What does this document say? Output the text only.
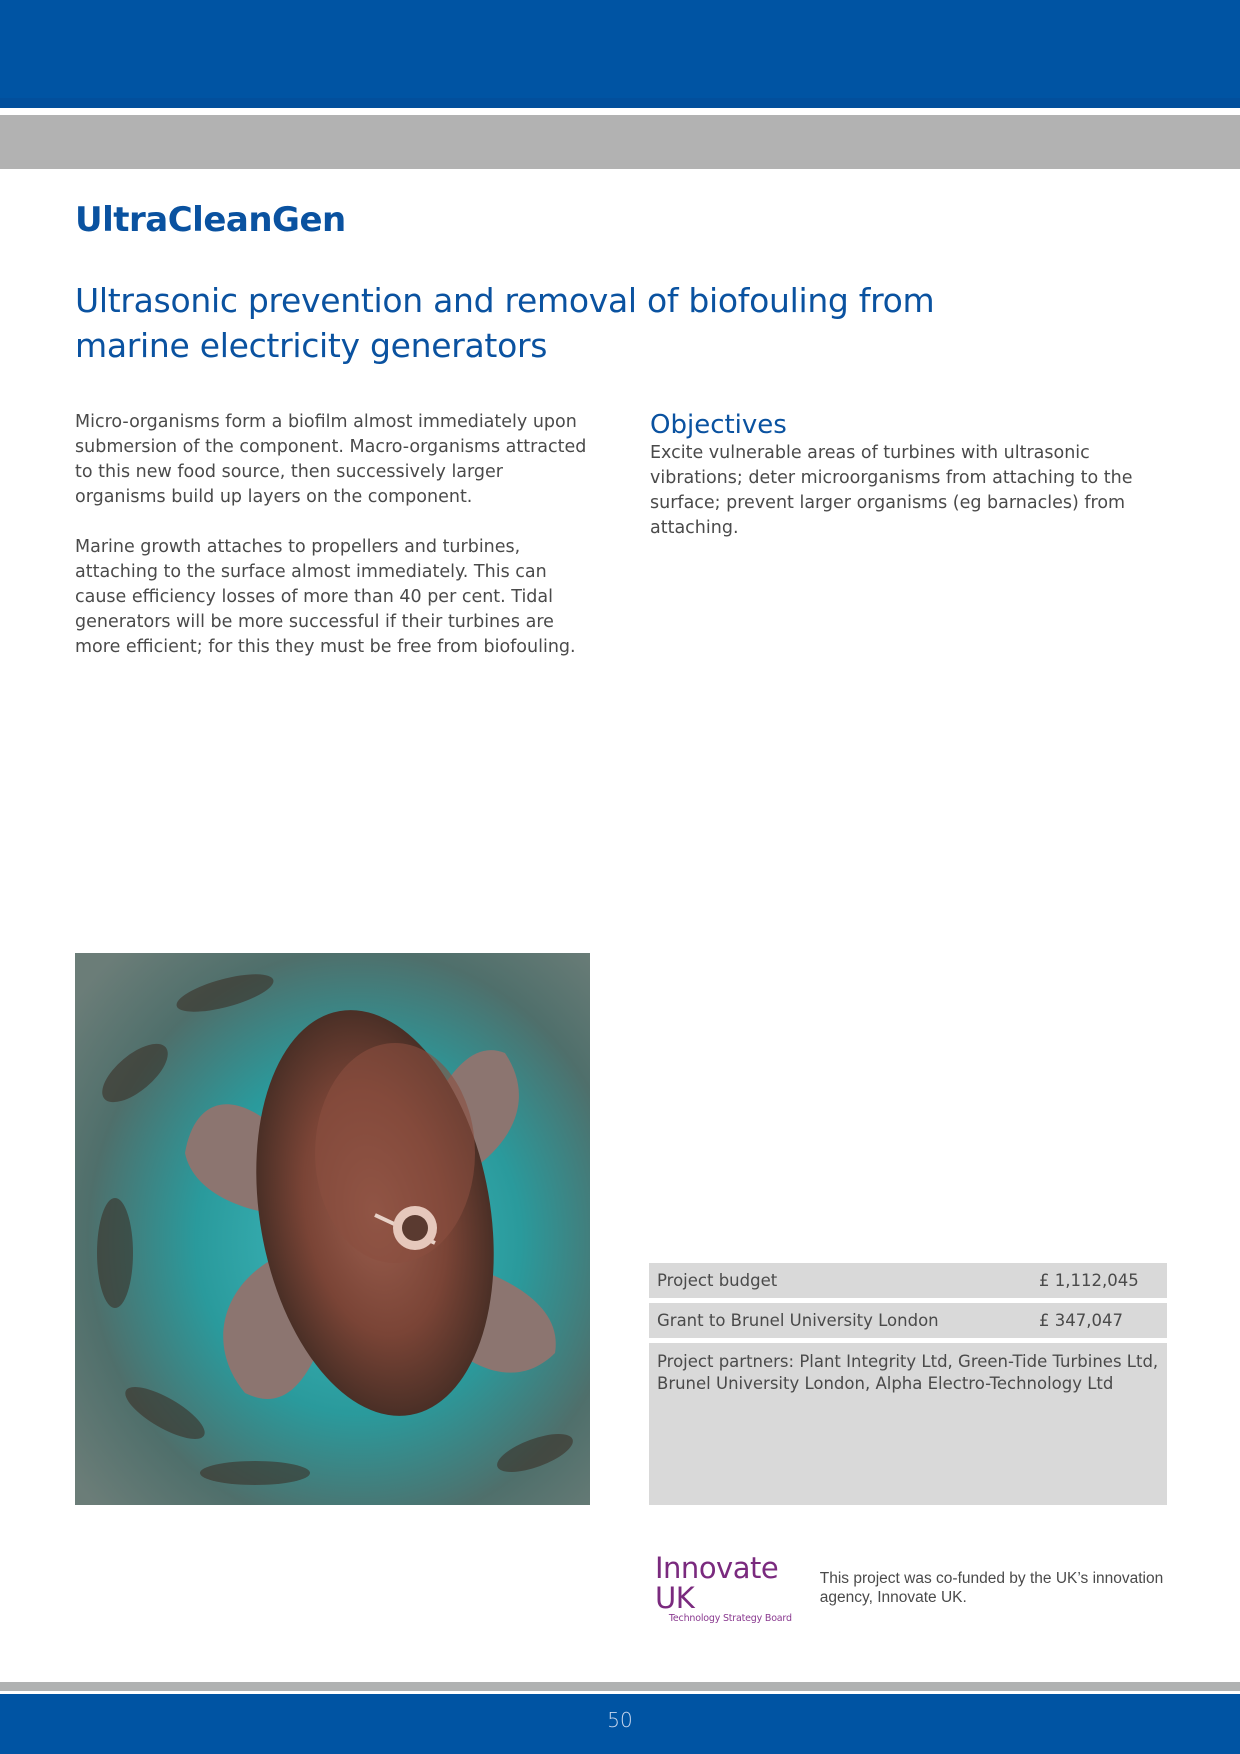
UltraCleanGen
Ultrasonic prevention and removal of biofouling from marine electricity generators

Micro-organisms form a biofilm almost immediately upon submersion of the component. Macro-organisms attracted to this new food source, then successively larger organisms build up layers on the component.

Marine growth attaches to propellers and turbines, attaching to the surface almost immediately. This can cause efficiency losses of more than 40 per cent. Tidal generators will be more successful if their turbines are more efficient; for this they must be free from biofouling.

Objectives

Excite vulnerable areas of turbines with ultrasonic vibrations; deter microorganisms from attaching to the surface; prevent larger organisms (eg barnacles) from attaching.

Project budget	£ 1,112,045
Grant to Brunel University London	£ 347,047
Project partners: Plant Integrity Ltd, Green-Tide Turbines Ltd, Brunel University London, Alpha Electro-Technology Ltd
Innovate UK
Technology Strategy Board
This project was co-funded by the UK’s innovation agency, Innovate UK.
50
